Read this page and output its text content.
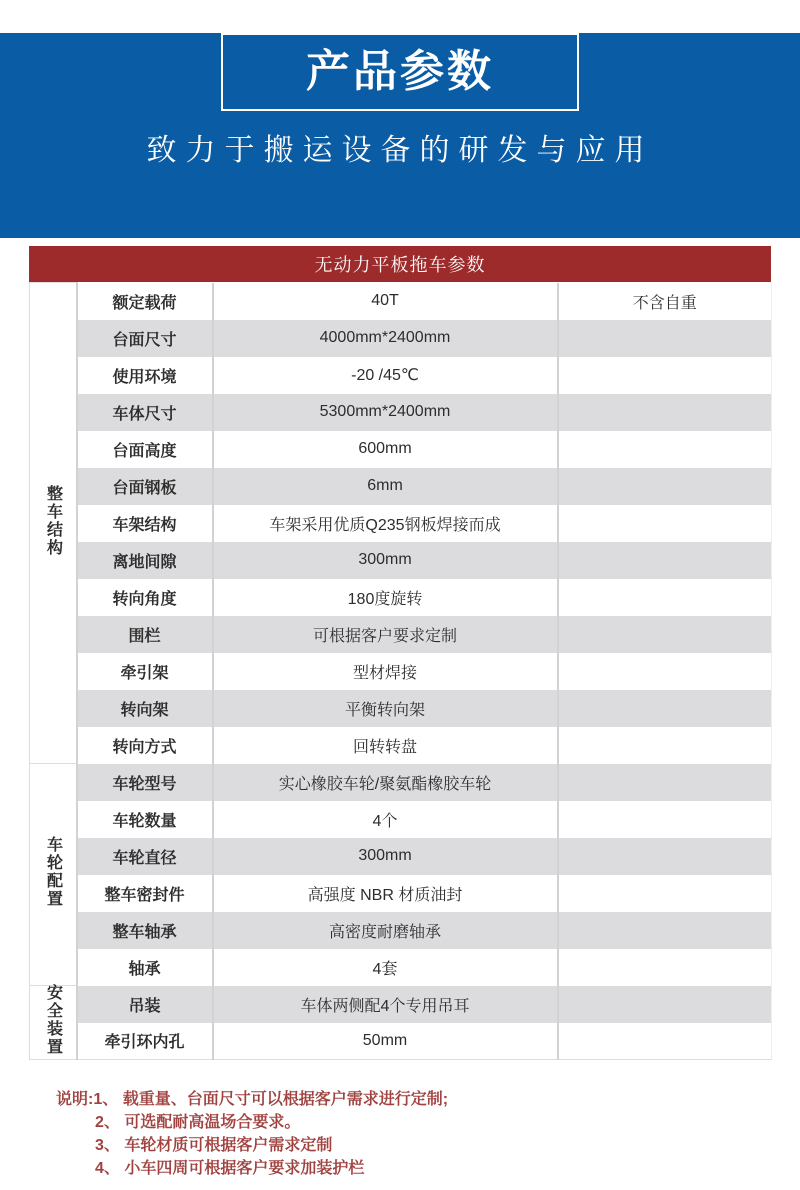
产品参数
致力于搬运设备的研发与应用
无动力平板拖车参数
整车结构	额定载荷	40T	不含自重
	台面尺寸	4000mm*2400mm	
	使用环境	-20 /45℃	
	车体尺寸	5300mm*2400mm	
	台面高度	600mm	
	台面钢板	6mm	
	车架结构	车架采用优质Q235钢板焊接而成	
	离地间隙	300mm	
	转向角度	180度旋转	
	围栏	可根据客户要求定制	
	牵引架	型材焊接	
	转向架	平衡转向架	
	转向方式	回转转盘	
车轮配置	车轮型号	实心橡胶车轮/聚氨酯橡胶车轮	
	车轮数量	4个	
	车轮直径	300mm	
	整车密封件	高强度 NBR 材质油封	
	整车轴承	高密度耐磨轴承	
	轴承	4套	
安全装置	吊装	车体两侧配4个专用吊耳	
	牵引环内孔	50mm	
说明:1、 载重量、台面尺寸可以根据客户需求进行定制;
2、 可选配耐高温场合要求。
3、 车轮材质可根据客户需求定制
4、 小车四周可根据客户要求加装护栏
